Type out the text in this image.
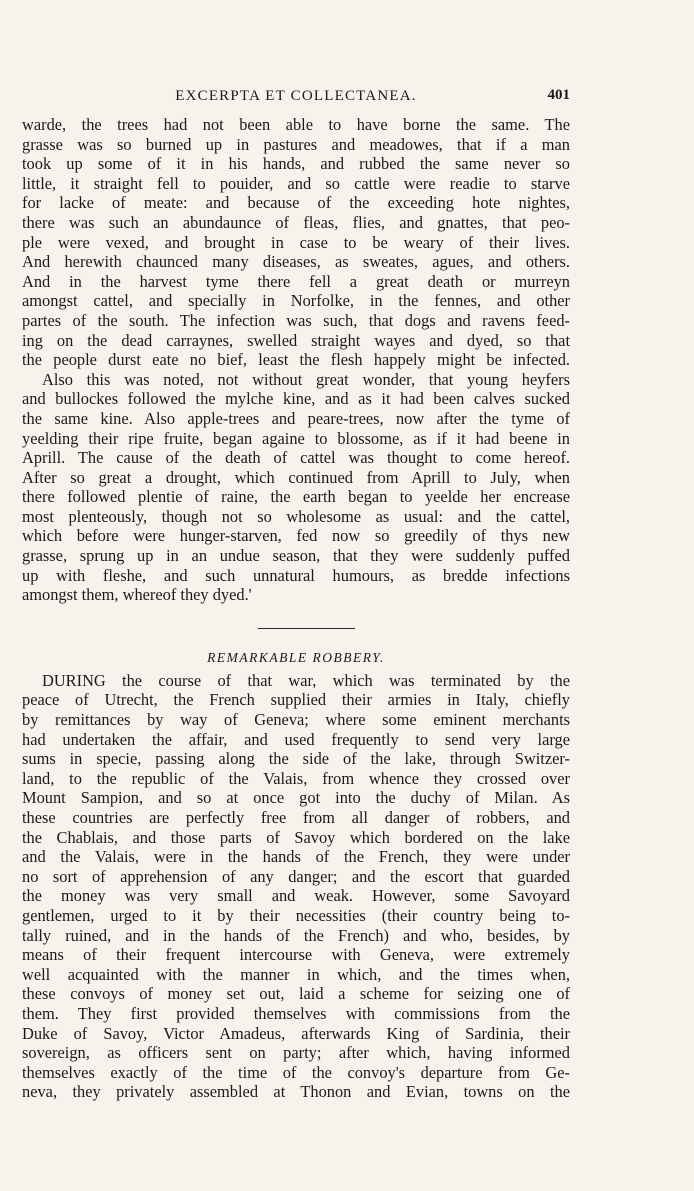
EXCERPTA ET COLLECTANEA.	401
warde, the trees had not been able to have borne the same. The
grasse was so burned up in pastures and meadowes, that if a man
took up some of it in his hands, and rubbed the same never so
little, it straight fell to pouider, and so cattle were readie to starve
for lacke of meate: and because of the exceeding hote nightes,
there was such an abundaunce of fleas, flies, and gnattes, that peo-
ple were vexed, and brought in case to be weary of their lives.
And herewith chaunced many diseases, as sweates, agues, and others.
And in the harvest tyme there fell a great death or murreyn
amongst cattel, and specially in Norfolke, in the fennes, and other
partes of the south. The infection was such, that dogs and ravens feed-
ing on the dead carraynes, swelled straight wayes and dyed, so that
the people durst eate no bief, least the flesh happely might be infected.
Also this was noted, not without great wonder, that young heyfers
and bullockes followed the mylche kine, and as it had been calves sucked
the same kine. Also apple-trees and peare-trees, now after the tyme of
yeelding their ripe fruite, began againe to blossome, as if it had beene in
Aprill. The cause of the death of cattel was thought to come hereof.
After so great a drought, which continued from Aprill to July, when
there followed plentie of raine, the earth began to yeelde her encrease
most plenteously, though not so wholesome as usual: and the cattel,
which before were hunger-starven, fed now so greedily of thys new
grasse, sprung up in an undue season, that they were suddenly puffed
up with fleshe, and such unnatural humours, as bredde infections
amongst them, whereof they dyed.'
REMARKABLE ROBBERY.
DURING the course of that war, which was terminated by the
peace of Utrecht, the French supplied their armies in Italy, chiefly
by remittances by way of Geneva; where some eminent merchants
had undertaken the affair, and used frequently to send very large
sums in specie, passing along the side of the lake, through Switzer-
land, to the republic of the Valais, from whence they crossed over
Mount Sampion, and so at once got into the duchy of Milan. As
these countries are perfectly free from all danger of robbers, and
the Chablais, and those parts of Savoy which bordered on the lake
and the Valais, were in the hands of the French, they were under
no sort of apprehension of any danger; and the escort that guarded
the money was very small and weak. However, some Savoyard
gentlemen, urged to it by their necessities (their country being to-
tally ruined, and in the hands of the French) and who, besides, by
means of their frequent intercourse with Geneva, were extremely
well acquainted with the manner in which, and the times when,
these convoys of money set out, laid a scheme for seizing one of
them. They first provided themselves with commissions from the
Duke of Savoy, Victor Amadeus, afterwards King of Sardinia, their
sovereign, as officers sent on party; after which, having informed
themselves exactly of the time of the convoy's departure from Ge-
neva, they privately assembled at Thonon and Evian, towns on the
